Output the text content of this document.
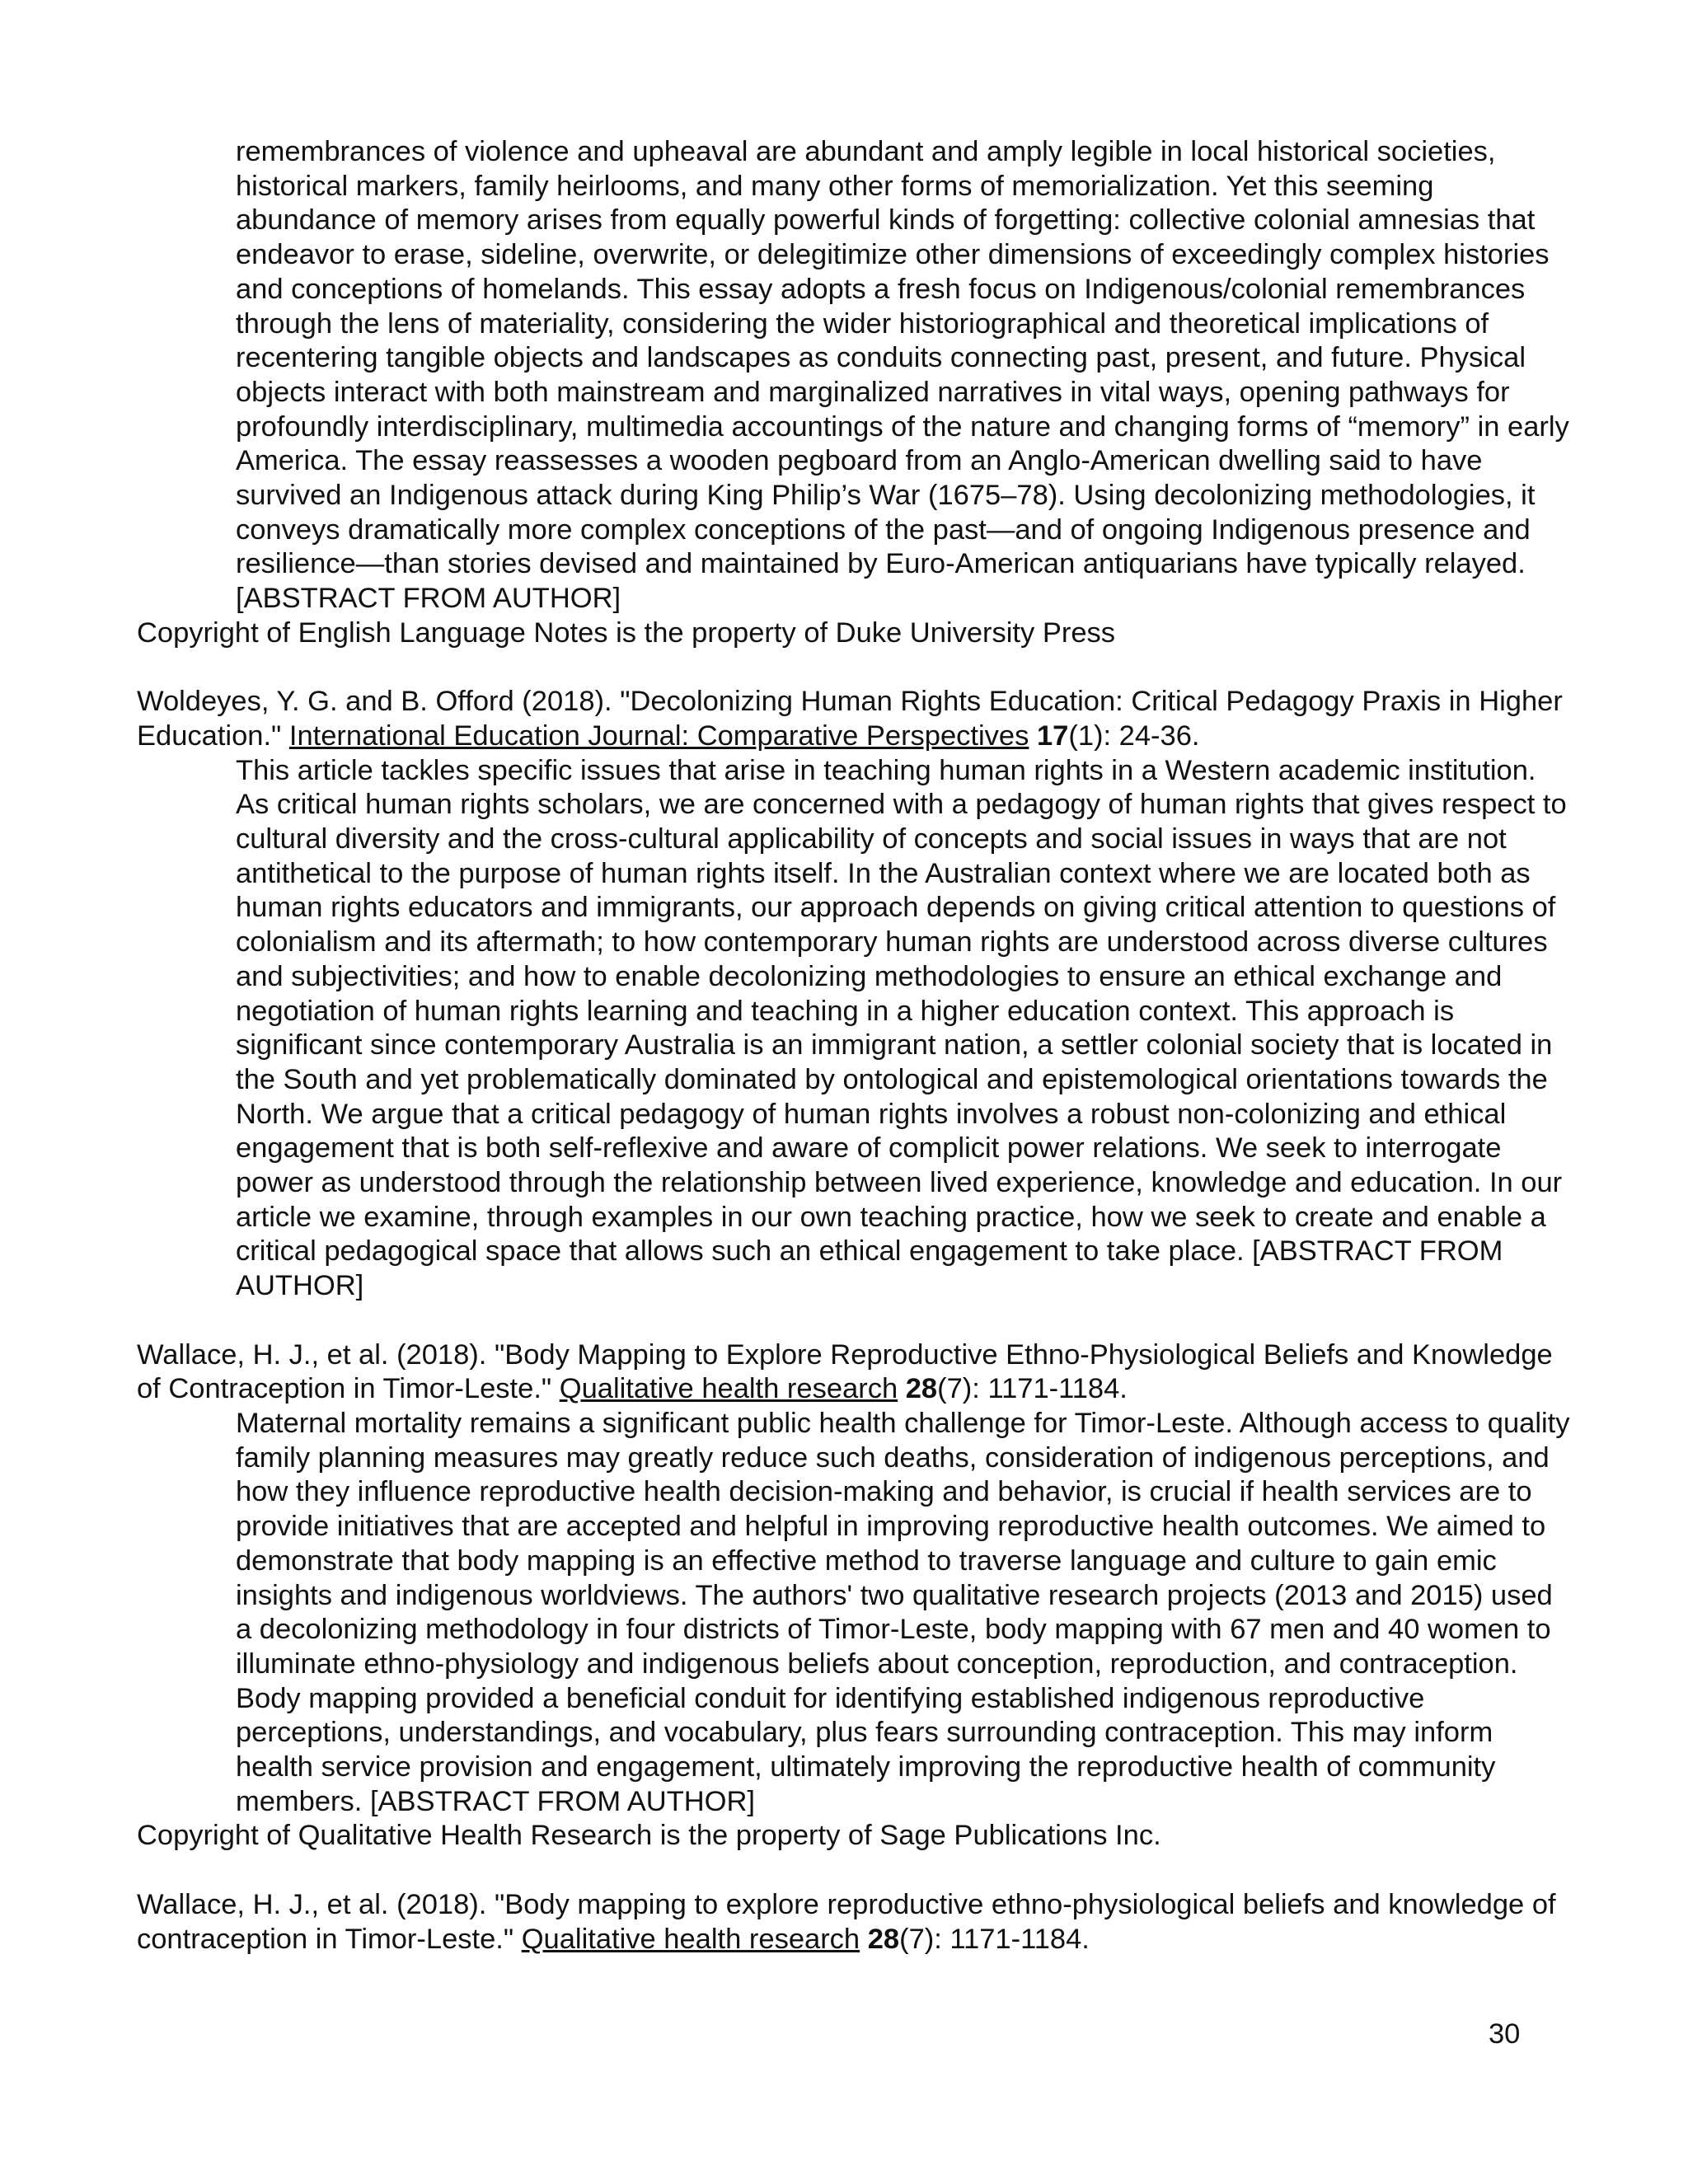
remembrances of violence and upheaval are abundant and amply legible in local historical societies, historical markers, family heirlooms, and many other forms of memorialization. Yet this seeming abundance of memory arises from equally powerful kinds of forgetting: collective colonial amnesias that endeavor to erase, sideline, overwrite, or delegitimize other dimensions of exceedingly complex histories and conceptions of homelands. This essay adopts a fresh focus on Indigenous/colonial remembrances through the lens of materiality, considering the wider historiographical and theoretical implications of recentering tangible objects and landscapes as conduits connecting past, present, and future. Physical objects interact with both mainstream and marginalized narratives in vital ways, opening pathways for profoundly interdisciplinary, multimedia accountings of the nature and changing forms of “memory” in early America. The essay reassesses a wooden pegboard from an Anglo-American dwelling said to have survived an Indigenous attack during King Philip’s War (1675–78). Using decolonizing methodologies, it conveys dramatically more complex conceptions of the past—and of ongoing Indigenous presence and resilience—than stories devised and maintained by Euro-American antiquarians have typically relayed. [ABSTRACT FROM AUTHOR]

Copyright of English Language Notes is the property of Duke University Press

Woldeyes, Y. G. and B. Offord (2018). "Decolonizing Human Rights Education: Critical Pedagogy Praxis in Higher Education." International Education Journal: Comparative Perspectives 17(1): 24-36.

This article tackles specific issues that arise in teaching human rights in a Western academic institution. As critical human rights scholars, we are concerned with a pedagogy of human rights that gives respect to cultural diversity and the cross-cultural applicability of concepts and social issues in ways that are not antithetical to the purpose of human rights itself. In the Australian context where we are located both as human rights educators and immigrants, our approach depends on giving critical attention to questions of colonialism and its aftermath; to how contemporary human rights are understood across diverse cultures and subjectivities; and how to enable decolonizing methodologies to ensure an ethical exchange and negotiation of human rights learning and teaching in a higher education context. This approach is significant since contemporary Australia is an immigrant nation, a settler colonial society that is located in the South and yet problematically dominated by ontological and epistemological orientations towards the North. We argue that a critical pedagogy of human rights involves a robust non-colonizing and ethical engagement that is both self-reflexive and aware of complicit power relations. We seek to interrogate power as understood through the relationship between lived experience, knowledge and education. In our article we examine, through examples in our own teaching practice, how we seek to create and enable a critical pedagogical space that allows such an ethical engagement to take place. [ABSTRACT FROM AUTHOR]

Wallace, H. J., et al. (2018). "Body Mapping to Explore Reproductive Ethno-Physiological Beliefs and Knowledge of Contraception in Timor-Leste." Qualitative health research 28(7): 1171-1184.

Maternal mortality remains a significant public health challenge for Timor-Leste. Although access to quality family planning measures may greatly reduce such deaths, consideration of indigenous perceptions, and how they influence reproductive health decision-making and behavior, is crucial if health services are to provide initiatives that are accepted and helpful in improving reproductive health outcomes. We aimed to demonstrate that body mapping is an effective method to traverse language and culture to gain emic insights and indigenous worldviews. The authors' two qualitative research projects (2013 and 2015) used a decolonizing methodology in four districts of Timor-Leste, body mapping with 67 men and 40 women to illuminate ethno-physiology and indigenous beliefs about conception, reproduction, and contraception. Body mapping provided a beneficial conduit for identifying established indigenous reproductive perceptions, understandings, and vocabulary, plus fears surrounding contraception. This may inform health service provision and engagement, ultimately improving the reproductive health of community members. [ABSTRACT FROM AUTHOR]

Copyright of Qualitative Health Research is the property of Sage Publications Inc.

Wallace, H. J., et al. (2018). "Body mapping to explore reproductive ethno-physiological beliefs and knowledge of contraception in Timor-Leste." Qualitative health research 28(7): 1171-1184.

30
